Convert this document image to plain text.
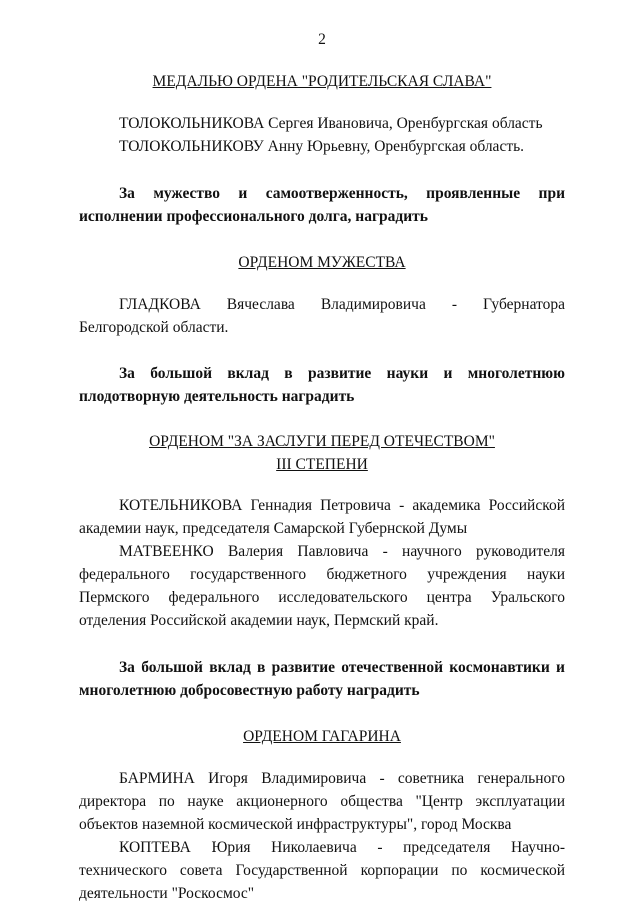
2
МЕДАЛЬЮ ОРДЕНА "РОДИТЕЛЬСКАЯ СЛАВА"

ТОЛОКОЛЬНИКОВА Сергея Ивановича, Оренбургская область

ТОЛОКОЛЬНИКОВУ Анну Юрьевну, Оренбургская область.

За мужество и самоотверженность, проявленные при исполнении профессионального долга, наградить

ОРДЕНОМ МУЖЕСТВА

ГЛАДКОВА Вячеслава Владимировича - Губернатора Белгородской области.

За большой вклад в развитие науки и многолетнюю плодотворную деятельность наградить

ОРДЕНОМ "ЗА ЗАСЛУГИ ПЕРЕД ОТЕЧЕСТВОМ"
III СТЕПЕНИ

КОТЕЛЬНИКОВА Геннадия Петровича - академика Российской академии наук, председателя Самарской Губернской Думы

МАТВЕЕНКО Валерия Павловича - научного руководителя федерального государственного бюджетного учреждения науки Пермского федерального исследовательского центра Уральского отделения Российской академии наук, Пермский край.

За большой вклад в развитие отечественной космонавтики и многолетнюю добросовестную работу наградить

ОРДЕНОМ ГАГАРИНА

БАРМИНА Игоря Владимировича - советника генерального директора по науке акционерного общества "Центр эксплуатации объектов наземной космической инфраструктуры", город Москва

КОПТЕВА Юрия Николаевича - председателя Научно-технического совета Государственной корпорации по космической деятельности "Роскосмос"
